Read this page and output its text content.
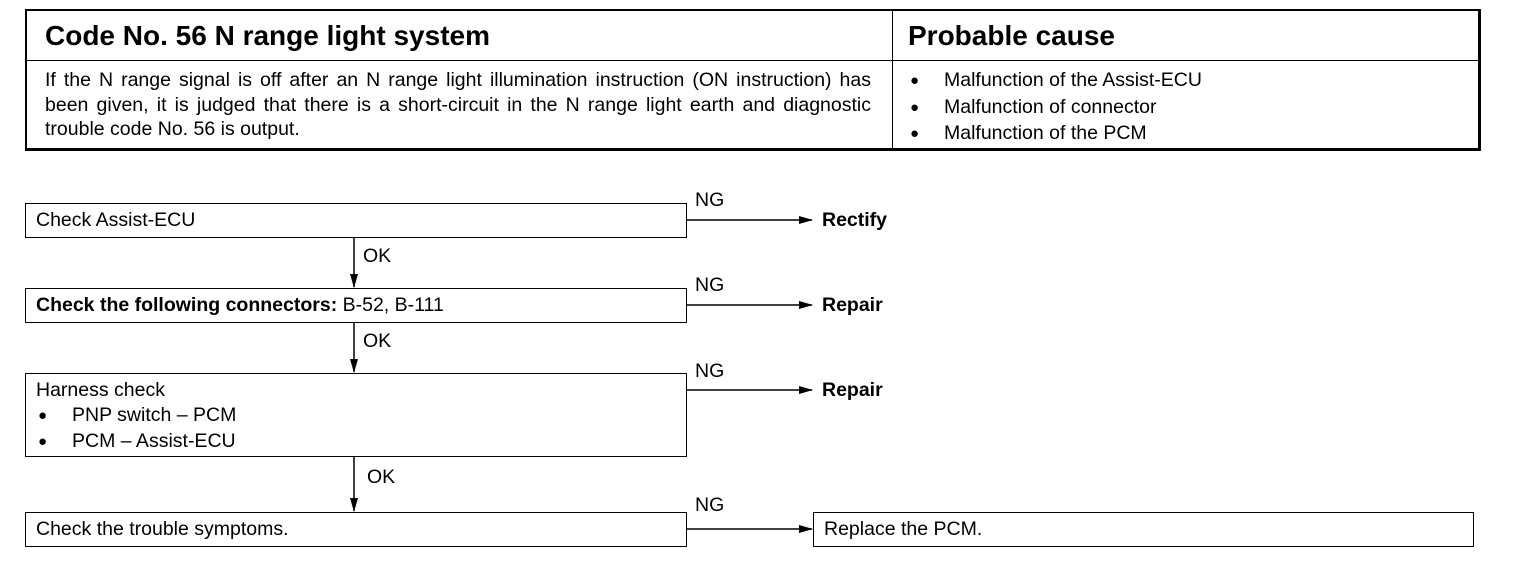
Code No. 56 N range light system
If the N range signal is off after an N range light illumination instruction (ON instruction) has been given, it is judged that there is a short-circuit in the N range light earth and diagnostic trouble code No. 56 is output.
Probable cause
●Malfunction of the Assist-ECU
●Malfunction of connector
●Malfunction of the PCM
Check Assist-ECU
NG
Rectify
OK
Check the following connectors: B-52, B-111
NG
Repair
OK
Harness check
●PNP switch – PCM
●PCM – Assist-ECU
NG
Repair
OK
Check the trouble symptoms.
NG
Replace the PCM.
